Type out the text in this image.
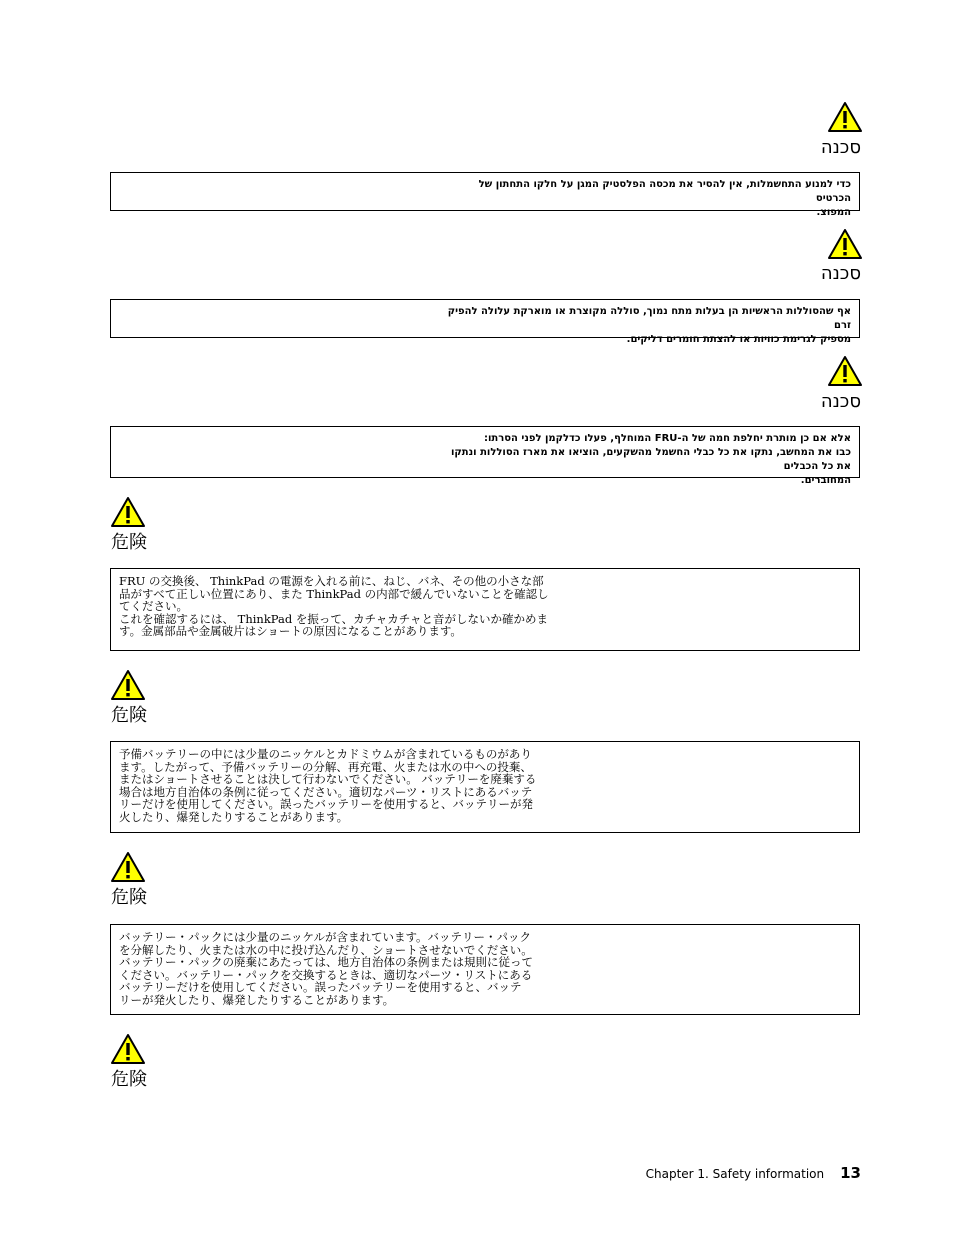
סכנה
כדי למנוע התחשמלות, אין להסיר את מכסה הפלסטיק המגן על חלקו התחתון של הכרטיס
המפוצ.
סכנה
אף שהסוללות הראשיות הן בעלות מתח נמוך, סוללה מקוצרת או מוארקת עלולה להפיק זרם
מספיק לגרימת כוויות או להצתת חומרים דליקים.
סכנה
אלא אם כן מותרת יחלפת חמה של ה-FRU המוחלף, פעלו כדלקמן לפני הסרתו:
כבו את המחשב, נתקו את כל כבלי החשמל מהשקעים, הוציאו את מארז הסוללות ונתקו את כל הכבלים
המחוברים.
危険
FRU の交換後、 ThinkPad の電源を入れる前に、ねじ、バネ、その他の小さな部
品がすべて正しい位置にあり、また ThinkPad の内部で緩んでいないことを確認し
てください。
これを確認するには、 ThinkPad を振って、カチャカチャと音がしないか確かめま
す。金属部品や金属破片はショートの原因になることがあります。
危険
予備バッテリーの中には少量のニッケルとカドミウムが含まれているものがあり
ます。したがって、予備バッテリーの分解、再充電、火または水の中への投棄、
またはショートさせることは決して行わないでください。 バッテリーを廃棄する
場合は地方自治体の条例に従ってください。適切なパーツ・リストにあるバッテ
リーだけを使用してください。誤ったバッテリーを使用すると、バッテリーが発
火したり、爆発したりすることがあります。
危険
バッテリー・パックには少量のニッケルが含まれています。バッテリー・パック
を分解したり、火または水の中に投げ込んだり、ショートさせないでください。
バッテリー・パックの廃棄にあたっては、地方自治体の条例または規則に従って
ください。バッテリー・パックを交換するときは、適切なパーツ・リストにある
バッテリーだけを使用してください。誤ったバッテリーを使用すると、バッテ
リーが発火したり、爆発したりすることがあります。
危険
Chapter 1. Safety information 13
